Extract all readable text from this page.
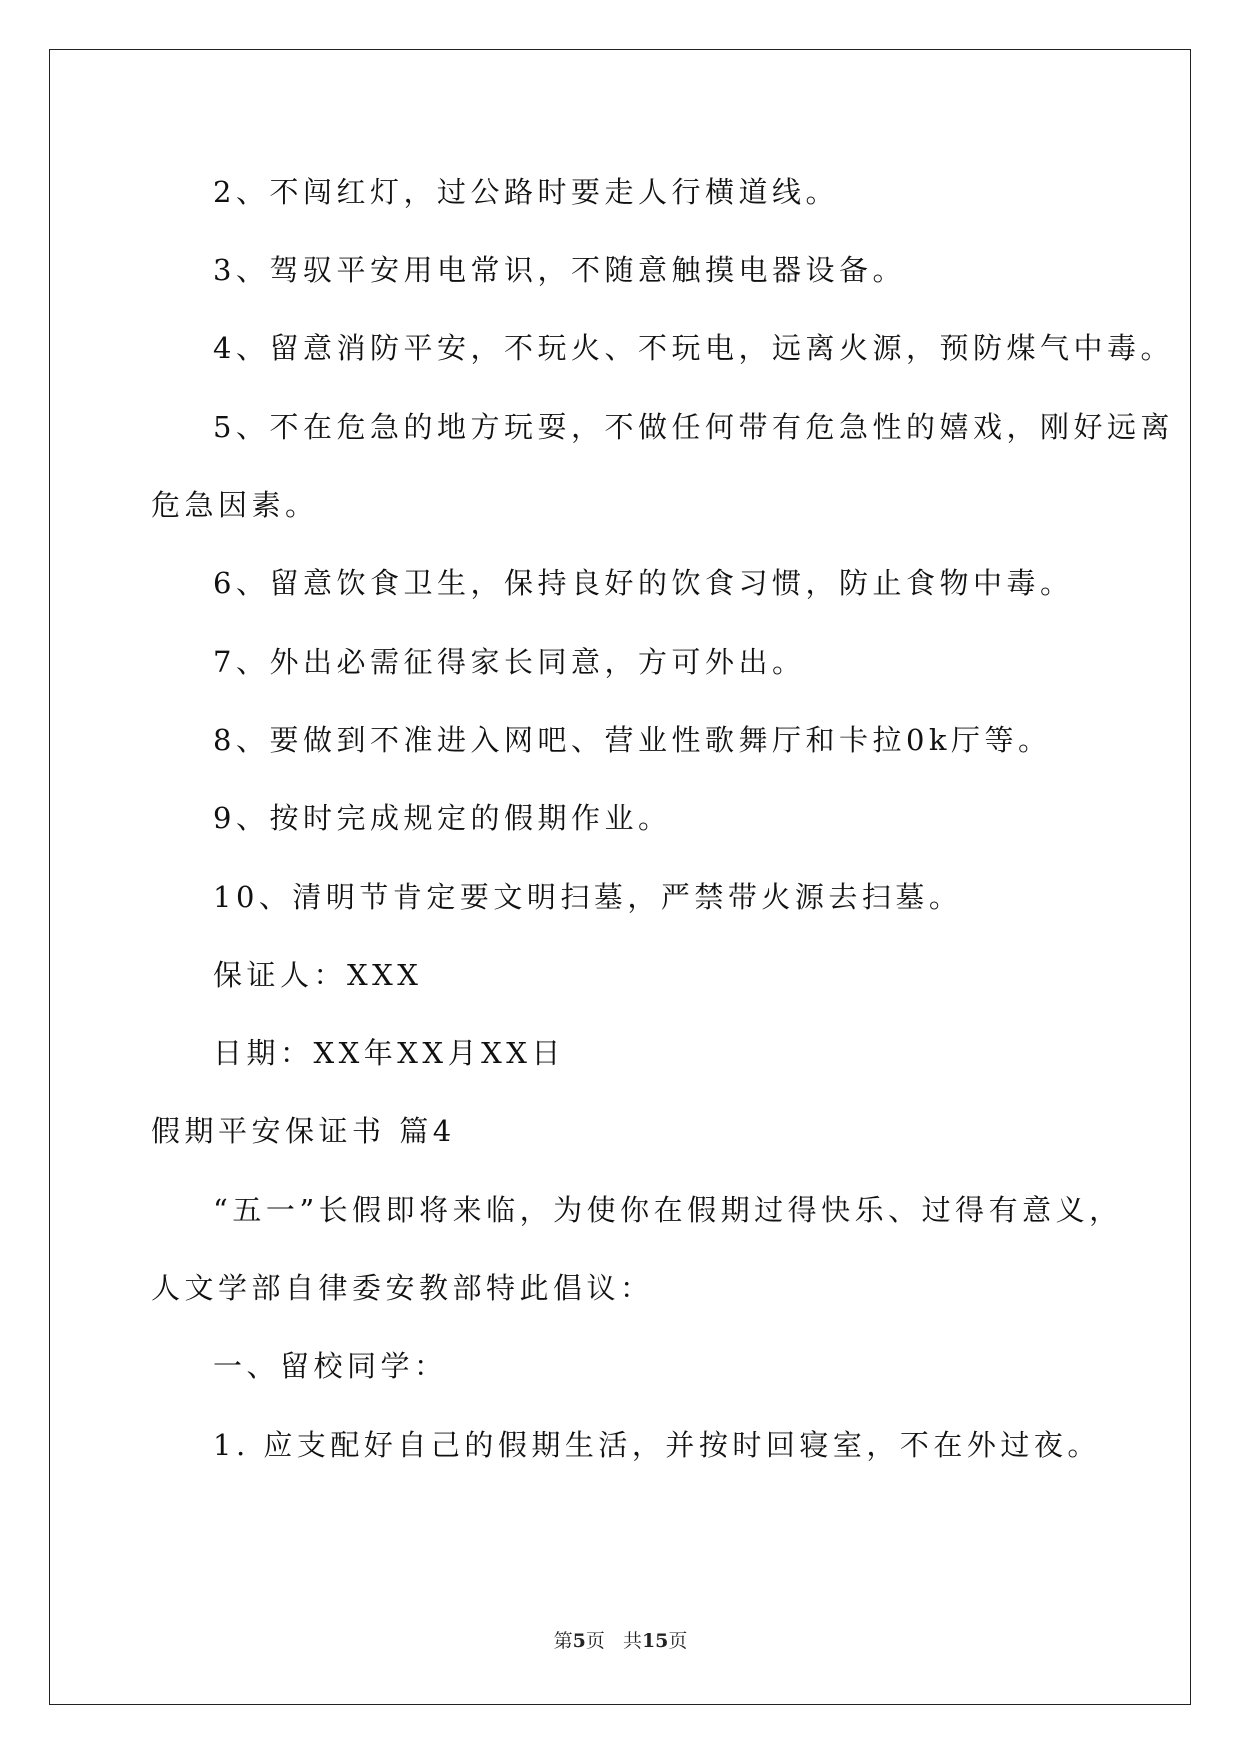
2、不闯红灯，过公路时要走人行横道线。
3、驾驭平安用电常识，不随意触摸电器设备。
4、留意消防平安，不玩火、不玩电，远离火源，预防煤气中毒。
5、不在危急的地方玩耍，不做任何带有危急性的嬉戏，刚好远离
危急因素。
6、留意饮食卫生，保持良好的饮食习惯，防止食物中毒。
7、外出必需征得家长同意，方可外出。
8、要做到不准进入网吧、营业性歌舞厅和卡拉0k厅等。
9、按时完成规定的假期作业。
10、清明节肯定要文明扫墓，严禁带火源去扫墓。
保证人：XXX
日期：XX年XX月XX日
假期平安保证书 篇4
“五一”长假即将来临，为使你在假期过得快乐、过得有意义，
人文学部自律委安教部特此倡议：
一、留校同学：
1. 应支配好自己的假期生活，并按时回寝室，不在外过夜。
第5页   共15页
